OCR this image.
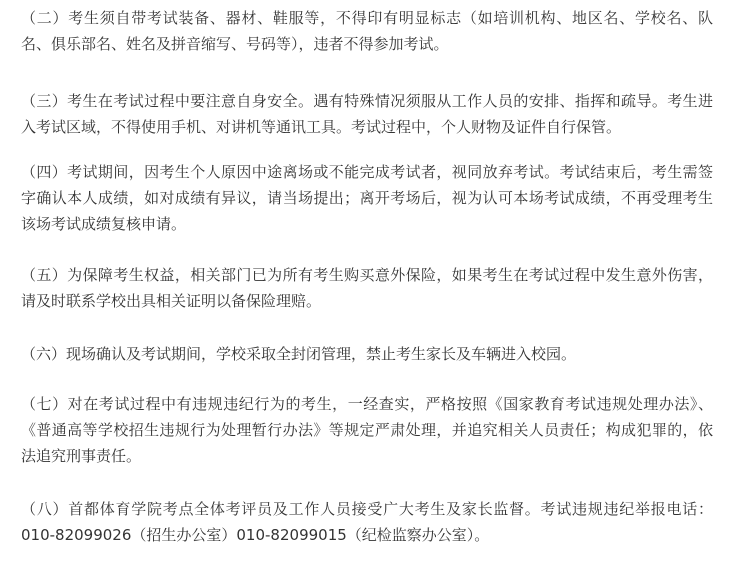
（二）考生须自带考试装备、器材、鞋服等，不得印有明显标志（如培训机构、地区名、学校名、队
名、俱乐部名、姓名及拼音缩写、号码等），违者不得参加考试。

（三）考生在考试过程中要注意自身安全。遇有特殊情况须服从工作人员的安排、指挥和疏导。考生进
入考试区域，不得使用手机、对讲机等通讯工具。考试过程中，个人财物及证件自行保管。

（四）考试期间，因考生个人原因中途离场或不能完成考试者，视同放弃考试。考试结束后，考生需签
字确认本人成绩，如对成绩有异议，请当场提出；离开考场后，视为认可本场考试成绩，不再受理考生
该场考试成绩复核申请。

（五）为保障考生权益，相关部门已为所有考生购买意外保险，如果考生在考试过程中发生意外伤害，
请及时联系学校出具相关证明以备保险理赔。

（六）现场确认及考试期间，学校采取全封闭管理，禁止考生家长及车辆进入校园。

（七）对在考试过程中有违规违纪行为的考生，一经查实，严格按照《国家教育考试违规处理办法》、
《普通高等学校招生违规行为处理暂行办法》等规定严肃处理，并追究相关人员责任；构成犯罪的，依
法追究刑事责任。

（八）首都体育学院考点全体考评员及工作人员接受广大考生及家长监督。考试违规违纪举报电话：
010-82099026（招生办公室）010-82099015（纪检监察办公室）。
